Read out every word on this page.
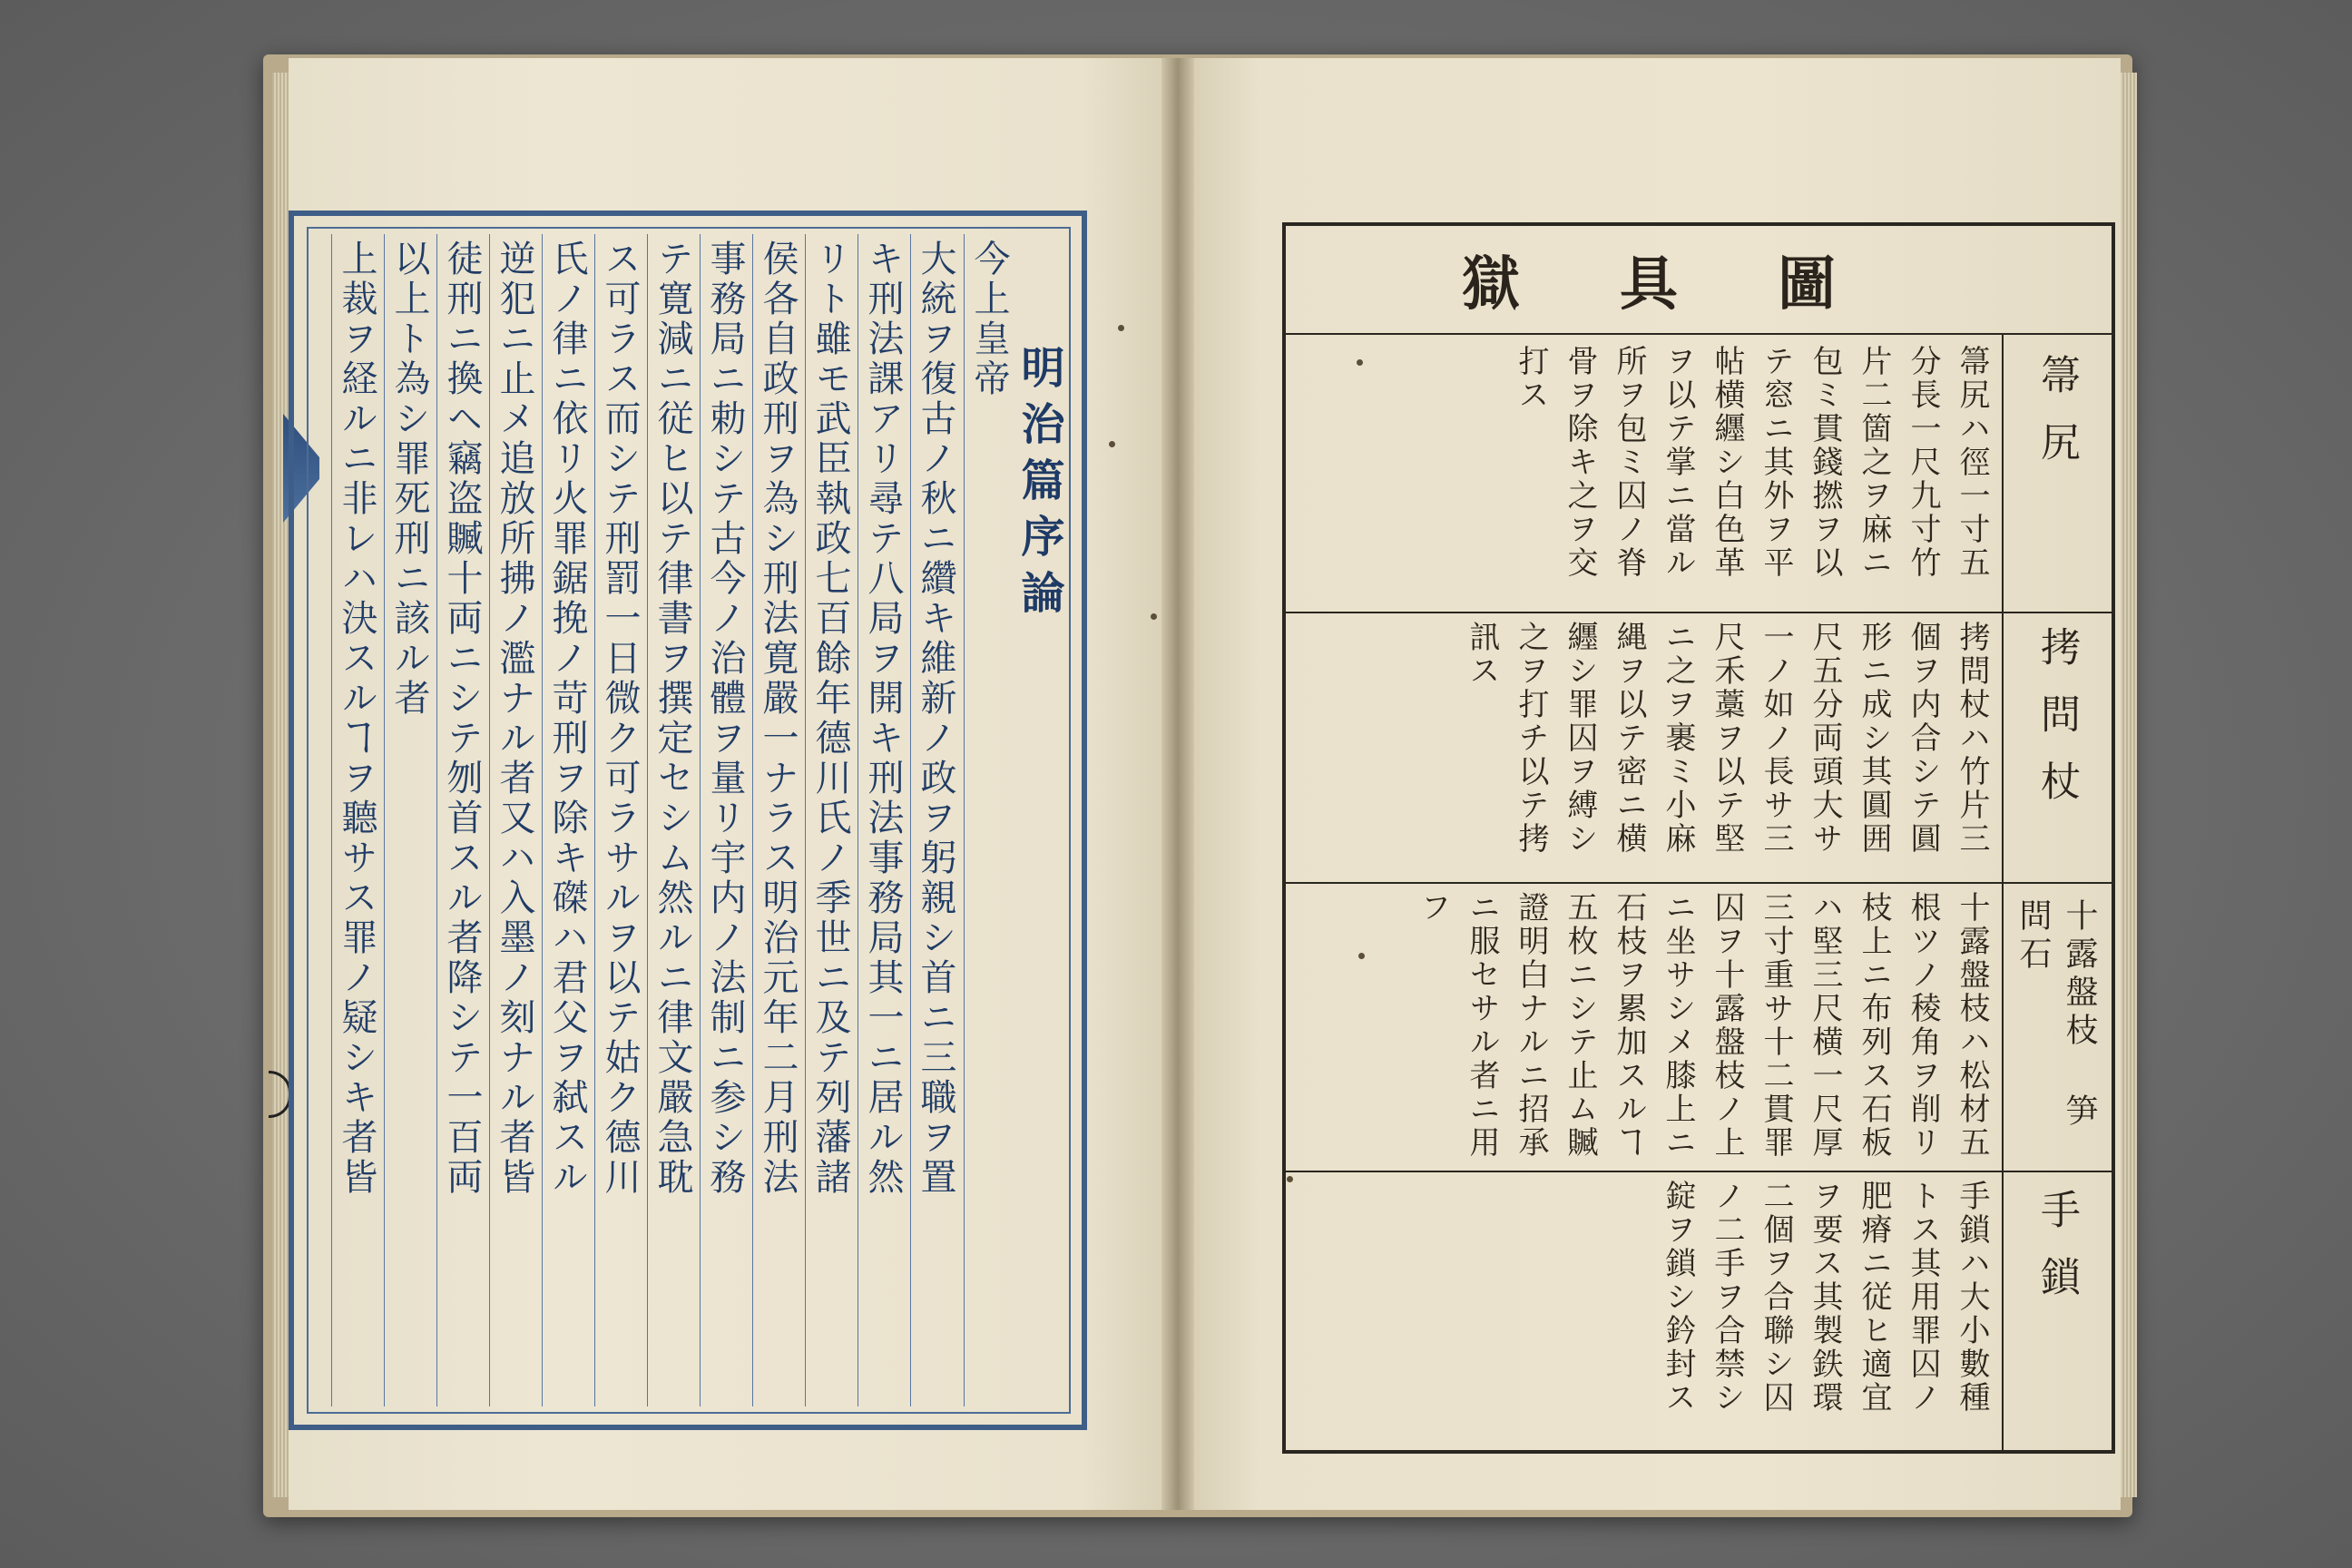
明治篇序論
今上皇帝
大統ヲ復古ノ秋ニ纘キ維新ノ政ヲ躬親シ首ニ三職ヲ置
キ刑法課アリ尋テ八局ヲ開キ刑法事務局其一ニ居ル然
リト雖モ武臣執政七百餘年德川氏ノ季世ニ及テ列藩諸
侯各自政刑ヲ為シ刑法寛嚴一ナラス明治元年二月刑法
事務局ニ勅シテ古今ノ治體ヲ量リ宇内ノ法制ニ参シ務
テ寛減ニ従ヒ以テ律書ヲ撰定セシム然ルニ律文嚴急耽
ス可ラス而シテ刑罰一日微ク可ラサルヲ以テ姑ク德川
氏ノ律ニ依リ火罪鋸挽ノ苛刑ヲ除キ磔ハ君父ヲ弑スル
逆犯ニ止メ追放所拂ノ濫ナル者又ハ入墨ノ刻ナル者皆
徒刑ニ換ヘ竊盗贓十両ニシテ刎首スル者降シテ一百両
以上ト為シ罪死刑ニ該ル者
上裁ヲ経ルニ非レハ決スルヿヲ聽サス罪ノ疑シキ者皆	獄具圖
箒尻
拷問杖
十露盤枝 笋問石
手鎖
箒尻ハ徑一寸五分長一尺九寸竹片二箇之ヲ麻ニ包ミ貫錢撚ヲ以テ窓ニ其外ヲ平帖横纒シ白色革ヲ以テ掌ニ當ル所ヲ包ミ囚ノ脊骨ヲ除キ之ヲ交打ス
拷問杖ハ竹片三個ヲ内合シテ圓形ニ成シ其圓囲尺五分両頭大サ一ノ如ノ長サ三尺禾藁ヲ以テ堅ニ之ヲ裹ミ小麻縄ヲ以テ密ニ横纒シ罪囚ヲ縛シ之ヲ打チ以テ拷訊ス
十露盤枝ハ松材五根ツノ稜角ヲ削リ枝上ニ布列ス石板ハ堅三尺横一尺厚三寸重サ十二貫罪囚ヲ十露盤枝ノ上ニ坐サシメ膝上ニ石枝ヲ累加スルヿ五枚ニシテ止ム贓證明白ナルニ招承ニ服セサル者ニ用フ
手鎖ハ大小數種トス其用罪囚ノ肥瘠ニ従ヒ適宜ヲ要ス其製鉄環二個ヲ合聯シ囚ノ二手ヲ合禁シ錠ヲ鎖シ鈐封ス
